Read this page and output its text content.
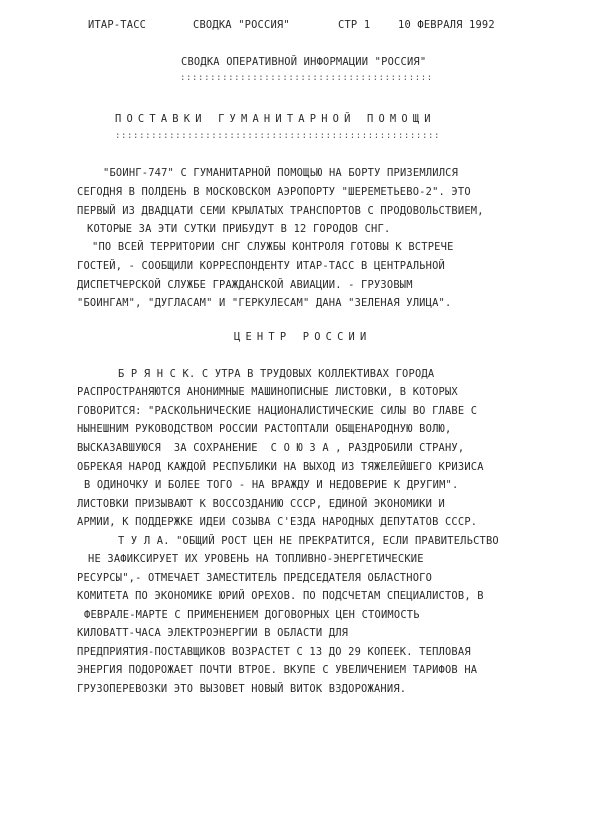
ИТАР-ТАСС	СВОДКА "РОССИЯ"	СТР 1	10 ФЕВРАЛЯ 1992
СВОДКА ОПЕРАТИВНОЙ ИНФОРМАЦИИ "РОССИЯ"
::::::::::::::::::::::::::::::::::::::::::
ПОСТАВКИ ГУМАНИТАРНОЙ ПОМОЩИ
::::::::::::::::::::::::::::::::::::::::::::::::::::::
"БОИНГ-747" С ГУМАНИТАРНОЙ ПОМОЩЬЮ НА БОРТУ ПРИЗЕМЛИЛСЯ
СЕГОДНЯ В ПОЛДЕНЬ В МОСКОВСКОМ АЭРОПОРТУ "ШЕРЕМЕТЬЕВО-2". ЭТО
ПЕРВЫЙ ИЗ ДВАДЦАТИ СЕМИ КРЫЛАТЫХ ТРАНСПОРТОВ С ПРОДОВОЛЬСТВИЕМ,
КОТОРЫЕ ЗА ЭТИ СУТКИ ПРИБУДУТ В 12 ГОРОДОВ СНГ.
"ПО ВСЕЙ ТЕРРИТОРИИ СНГ СЛУЖБЫ КОНТРОЛЯ ГОТОВЫ К ВСТРЕЧЕ
ГОСТЕЙ, - СООБЩИЛИ КОРРЕСПОНДЕНТУ ИТАР-ТАСС В ЦЕНТРАЛЬНОЙ
ДИСПЕТЧЕРСКОЙ СЛУЖБЕ ГРАЖДАНСКОЙ АВИАЦИИ. - ГРУЗОВЫМ
"БОИНГАМ", "ДУГЛАСАМ" И "ГЕРКУЛЕСАМ" ДАНА "ЗЕЛЕНАЯ УЛИЦА".
ЦЕНТР РОССИИ
Б Р Я Н С К. С УТРА В ТРУДОВЫХ КОЛЛЕКТИВАХ ГОРОДА
РАСПРОСТРАНЯЮТСЯ АНОНИМНЫЕ МАШИНОПИСНЫЕ ЛИСТОВКИ, В КОТОРЫХ
ГОВОРИТСЯ: "РАСКОЛЬНИЧЕСКИЕ НАЦИОНАЛИСТИЧЕСКИЕ СИЛЫ ВО ГЛАВЕ С
НЫНЕШНИМ РУКОВОДСТВОМ РОССИИ РАСТОПТАЛИ ОБЩЕНАРОДНУЮ ВОЛЮ,
ВЫСКАЗАВШУЮСЯ  ЗА СОХРАНЕНИЕ  С О Ю З А , РАЗДРОБИЛИ СТРАНУ,
ОБРЕКАЯ НАРОД КАЖДОЙ РЕСПУБЛИКИ НА ВЫХОД ИЗ ТЯЖЕЛЕЙШЕГО КРИЗИСА
В ОДИНОЧКУ И БОЛЕЕ ТОГО - НА ВРАЖДУ И НЕДОВЕРИЕ К ДРУГИМ".
ЛИСТОВКИ ПРИЗЫВАЮТ К ВОССОЗДАНИЮ СССР, ЕДИНОЙ ЭКОНОМИКИ И
АРМИИ, К ПОДДЕРЖКЕ ИДЕИ СОЗЫВА С'ЕЗДА НАРОДНЫХ ДЕПУТАТОВ СССР.
Т У Л А. "ОБЩИЙ РОСТ ЦЕН НЕ ПРЕКРАТИТСЯ, ЕСЛИ ПРАВИТЕЛЬСТВО
НЕ ЗАФИКСИРУЕТ ИХ УРОВЕНЬ НА ТОПЛИВНО-ЭНЕРГЕТИЧЕСКИЕ
РЕСУРСЫ",- ОТМЕЧАЕТ ЗАМЕСТИТЕЛЬ ПРЕДСЕДАТЕЛЯ ОБЛАСТНОГО
КОМИТЕТА ПО ЭКОНОМИКЕ ЮРИЙ ОРЕХОВ. ПО ПОДСЧЕТАМ СПЕЦИАЛИСТОВ, В
ФЕВРАЛЕ-МАРТЕ С ПРИМЕНЕНИЕМ ДОГОВОРНЫХ ЦЕН СТОИМОСТЬ
КИЛОВАТТ-ЧАСА ЭЛЕКТРОЭНЕРГИИ В ОБЛАСТИ ДЛЯ
ПРЕДПРИЯТИЯ-ПОСТАВЩИКОВ ВОЗРАСТЕТ С 13 ДО 29 КОПЕЕК. ТЕПЛОВАЯ
ЭНЕРГИЯ ПОДОРОЖАЕТ ПОЧТИ ВТРОЕ. ВКУПЕ С УВЕЛИЧЕНИЕМ ТАРИФОВ НА
ГРУЗОПЕРЕВОЗКИ ЭТО ВЫЗОВЕТ НОВЫЙ ВИТОК ВЗДОРОЖАНИЯ.
